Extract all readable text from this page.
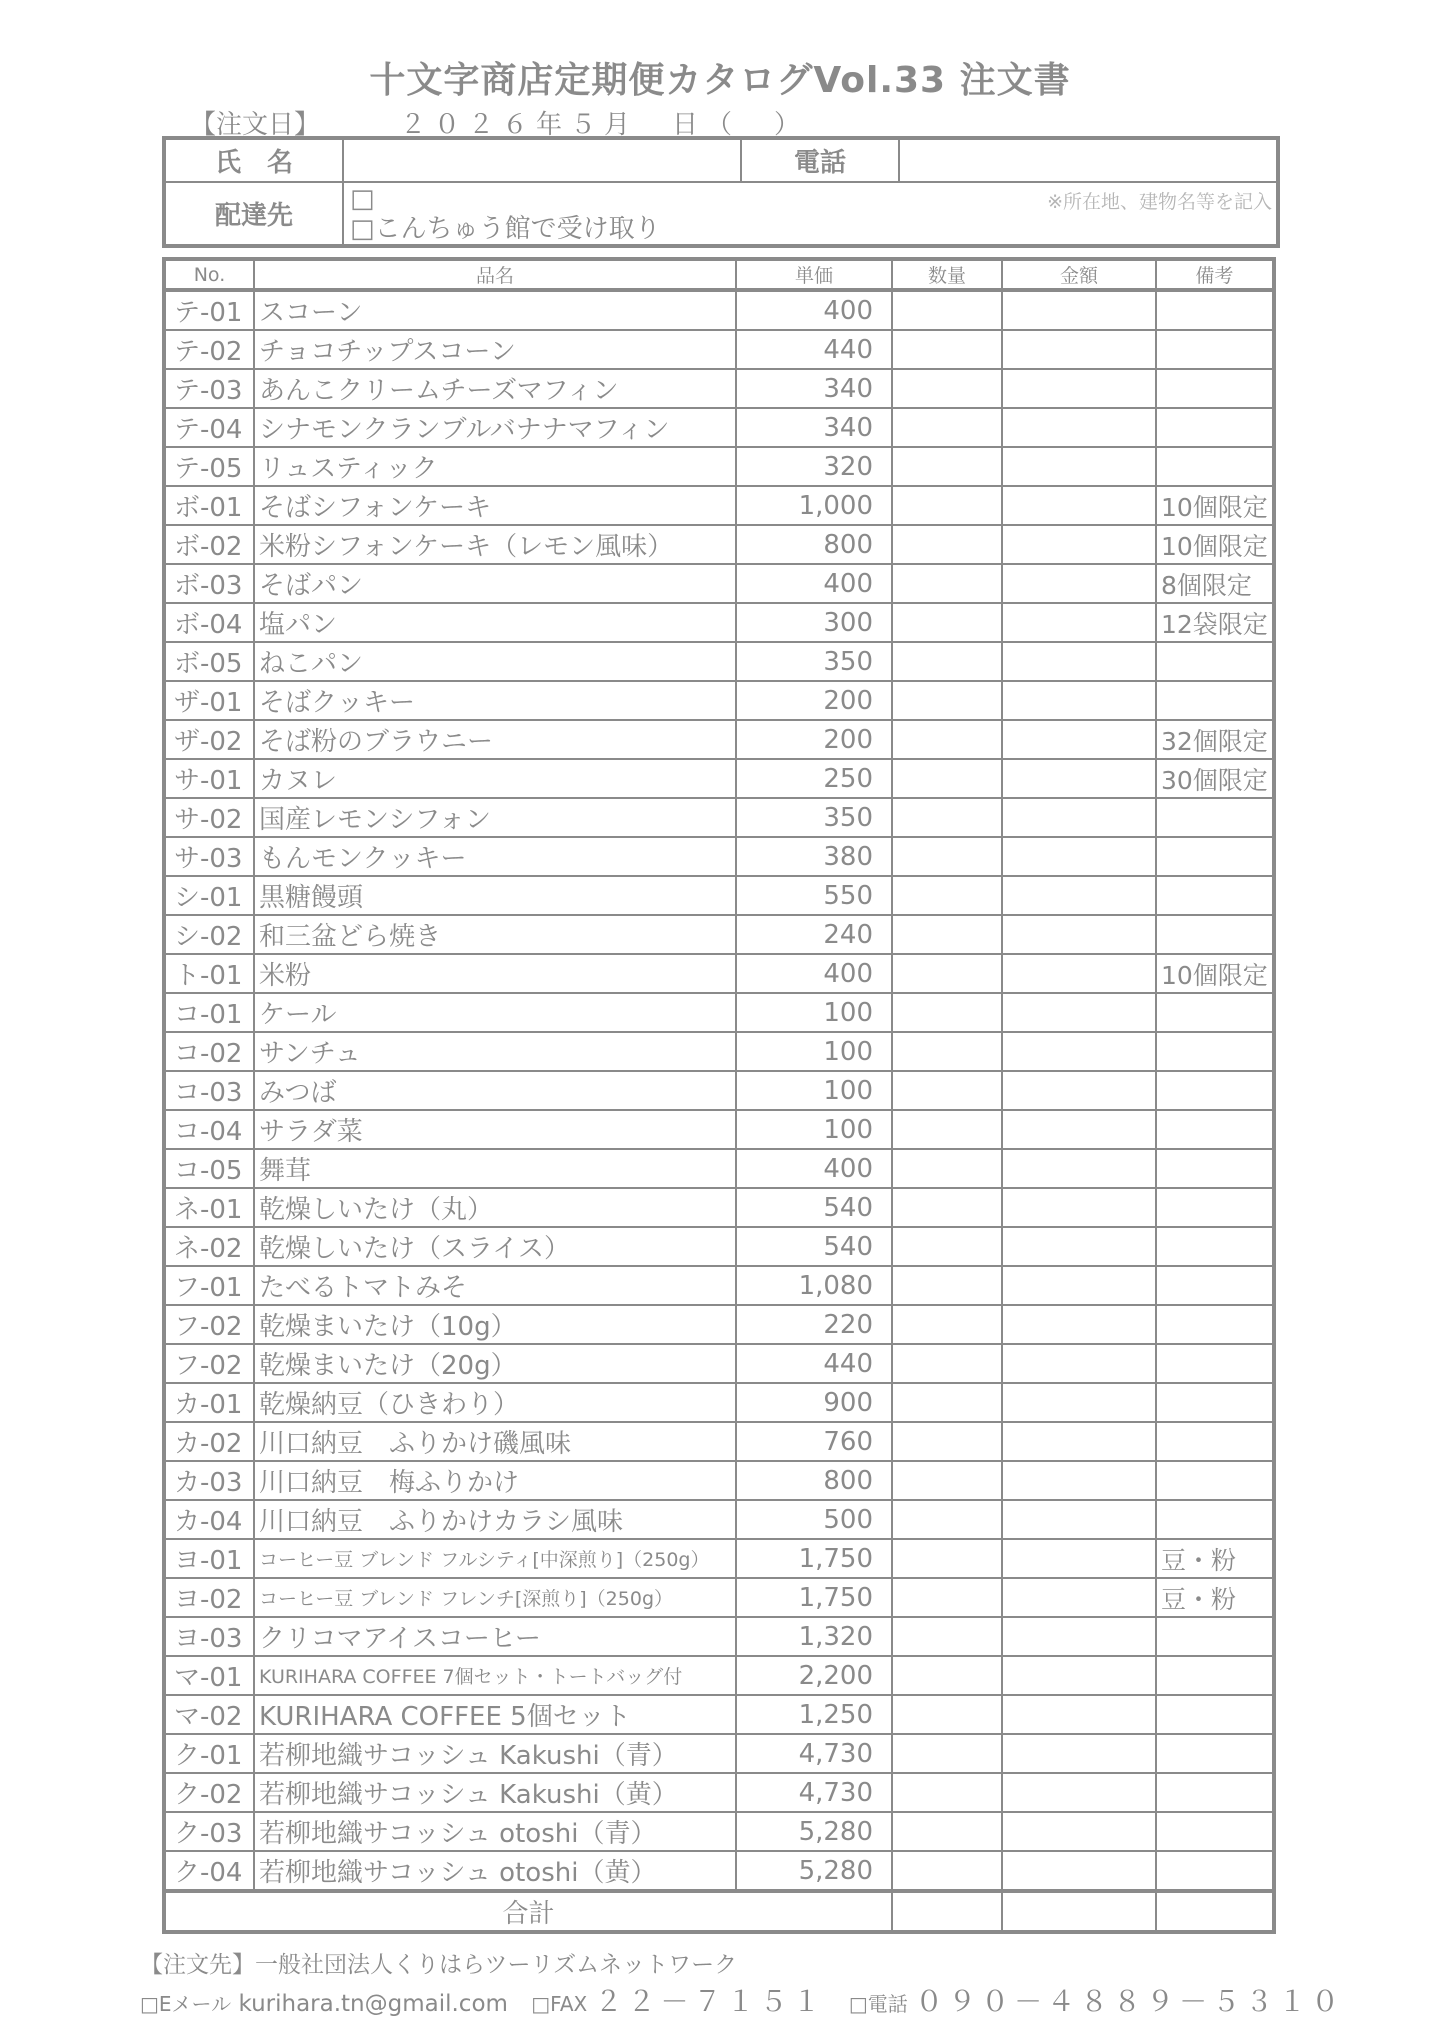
十文字商店定期便カタログVol.33 注文書
【注文日】	２０２６年５月　日（　）
氏　名		電話	
配達先	□
□こんちゅう館で受け取り
※所在地、建物名等を記入		
No.	品名	単価	数量	金額	備考
テ-01	スコーン	400			
テ-02	チョコチップスコーン	440			
テ-03	あんこクリームチーズマフィン	340			
テ-04	シナモンクランブルバナナマフィン	340			
テ-05	リュスティック	320			
ボ-01	そばシフォンケーキ	1,000			10個限定
ボ-02	米粉シフォンケーキ（レモン風味）	800			10個限定
ボ-03	そばパン	400			8個限定
ボ-04	塩パン	300			12袋限定
ボ-05	ねこパン	350			
ザ-01	そばクッキー	200			
ザ-02	そば粉のブラウニー	200			32個限定
サ-01	カヌレ	250			30個限定
サ-02	国産レモンシフォン	350			
サ-03	もんモンクッキー	380			
シ-01	黒糖饅頭	550			
シ-02	和三盆どら焼き	240			
ト-01	米粉	400			10個限定
コ-01	ケール	100			
コ-02	サンチュ	100			
コ-03	みつば	100			
コ-04	サラダ菜	100			
コ-05	舞茸	400			
ネ-01	乾燥しいたけ（丸）	540			
ネ-02	乾燥しいたけ（スライス）	540			
フ-01	たべるトマトみそ	1,080			
フ-02	乾燥まいたけ（10g）	220			
フ-02	乾燥まいたけ（20g）	440			
カ-01	乾燥納豆（ひきわり）	900			
カ-02	川口納豆　ふりかけ磯風味	760			
カ-03	川口納豆　梅ふりかけ	800			
カ-04	川口納豆　ふりかけカラシ風味	500			
ヨ-01	コーヒー豆 ブレンド フルシティ[中深煎り]（250g）	1,750			豆・粉
ヨ-02	コーヒー豆 ブレンド フレンチ[深煎り]（250g）	1,750			豆・粉
ヨ-03	クリコマアイスコーヒー	1,320			
マ-01	KURIHARA COFFEE 7個セット・トートバッグ付	2,200			
マ-02	KURIHARA COFFEE 5個セット	1,250			
ク-01	若柳地織サコッシュ Kakushi（青）	4,730			
ク-02	若柳地織サコッシュ Kakushi（黄）	4,730			
ク-03	若柳地織サコッシュ otoshi（青）	5,280			
ク-04	若柳地織サコッシュ otoshi（黄）	5,280			
合計					
【注文先】一般社団法人くりはらツーリズムネットワーク
□Eメール kurihara.tn@gmail.com □FAX ２２－７１５１ □電話 ０９０－４８８９－５３１０
